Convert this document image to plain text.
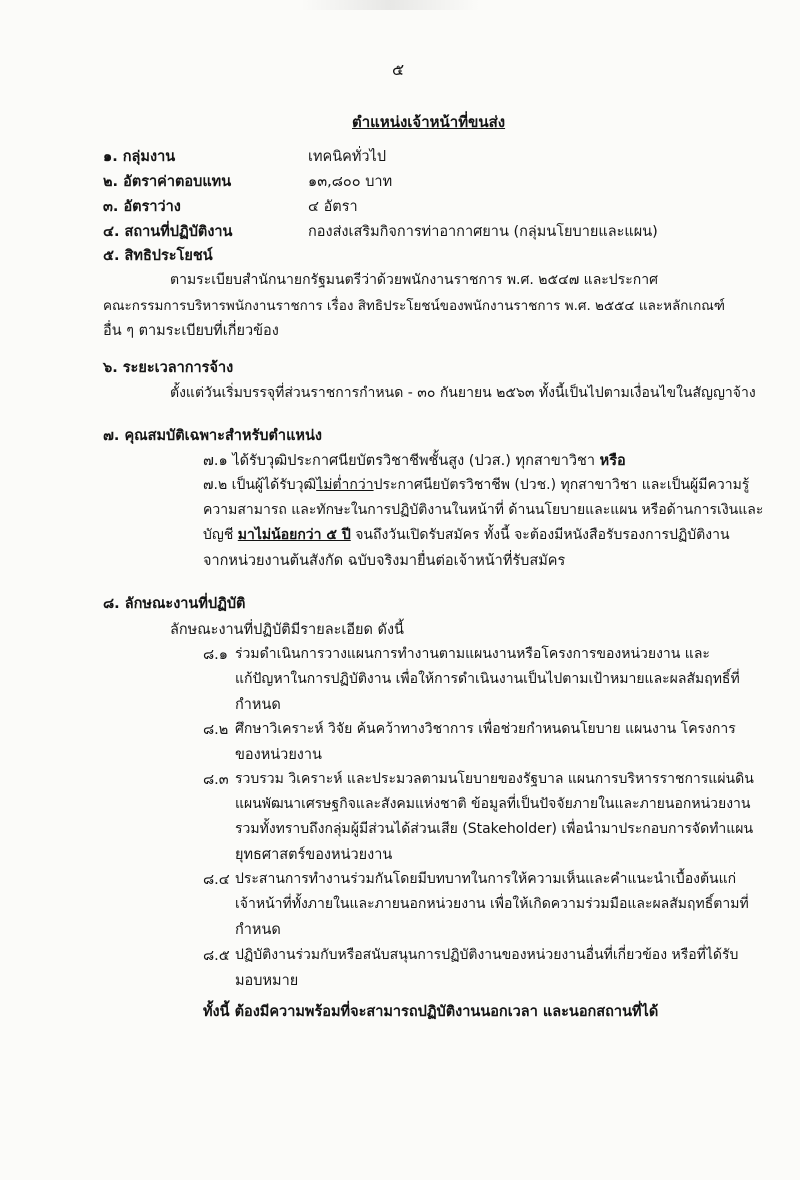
๕
ตำแหน่งเจ้าหน้าที่ขนส่ง
๑. กลุ่มงาน	เทคนิคทั่วไป
๒. อัตราค่าตอบแทน	๑๓,๘๐๐ บาท
๓. อัตราว่าง	๔ อัตรา
๔. สถานที่ปฏิบัติงาน	กองส่งเสริมกิจการท่าอากาศยาน (กลุ่มนโยบายและแผน)
๕. สิทธิประโยชน์
ตามระเบียบสำนักนายกรัฐมนตรีว่าด้วยพนักงานราชการ พ.ศ. ๒๕๔๗ และประกาศ
คณะกรรมการบริหารพนักงานราชการ เรื่อง สิทธิประโยชน์ของพนักงานราชการ พ.ศ. ๒๕๕๔ และหลักเกณฑ์
อื่น ๆ ตามระเบียบที่เกี่ยวข้อง
๖. ระยะเวลาการจ้าง
ตั้งแต่วันเริ่มบรรจุที่ส่วนราชการกำหนด - ๓๐ กันยายน ๒๕๖๓ ทั้งนี้เป็นไปตามเงื่อนไขในสัญญาจ้าง
๗. คุณสมบัติเฉพาะสำหรับตำแหน่ง
๗.๑ ได้รับวุฒิประกาศนียบัตรวิชาชีพชั้นสูง (ปวส.) ทุกสาขาวิชา หรือ
๗.๒ เป็นผู้ได้รับวุฒิไม่ต่ำกว่าประกาศนียบัตรวิชาชีพ (ปวช.) ทุกสาขาวิชา และเป็นผู้มีความรู้
ความสามารถ และทักษะในการปฏิบัติงานในหน้าที่ ด้านนโยบายและแผน หรือด้านการเงินและ
บัญชี มาไม่น้อยกว่า ๕ ปี จนถึงวันเปิดรับสมัคร ทั้งนี้ จะต้องมีหนังสือรับรองการปฏิบัติงาน
จากหน่วยงานต้นสังกัด ฉบับจริงมายื่นต่อเจ้าหน้าที่รับสมัคร
๘. ลักษณะงานที่ปฏิบัติ
ลักษณะงานที่ปฏิบัติมีรายละเอียด ดังนี้
๘.๑ ร่วมดำเนินการวางแผนการทำงานตามแผนงานหรือโครงการของหน่วยงาน และ
แก้ปัญหาในการปฏิบัติงาน เพื่อให้การดำเนินงานเป็นไปตามเป้าหมายและผลสัมฤทธิ์ที่
กำหนด
๘.๒ ศึกษาวิเคราะห์ วิจัย ค้นคว้าทางวิชาการ เพื่อช่วยกำหนดนโยบาย แผนงาน โครงการ
ของหน่วยงาน
๘.๓ รวบรวม วิเคราะห์ และประมวลตามนโยบายของรัฐบาล แผนการบริหารราชการแผ่นดิน
แผนพัฒนาเศรษฐกิจและสังคมแห่งชาติ ข้อมูลที่เป็นปัจจัยภายในและภายนอกหน่วยงาน
รวมทั้งทราบถึงกลุ่มผู้มีส่วนได้ส่วนเสีย (Stakeholder) เพื่อนำมาประกอบการจัดทำแผน
ยุทธศาสตร์ของหน่วยงาน
๘.๔ ประสานการทำงานร่วมกันโดยมีบทบาทในการให้ความเห็นและคำแนะนำเบื้องต้นแก่
เจ้าหน้าที่ทั้งภายในและภายนอกหน่วยงาน เพื่อให้เกิดความร่วมมือและผลสัมฤทธิ์ตามที่
กำหนด
๘.๕ ปฏิบัติงานร่วมกับหรือสนับสนุนการปฏิบัติงานของหน่วยงานอื่นที่เกี่ยวข้อง หรือที่ได้รับ
มอบหมาย
ทั้งนี้ ต้องมีความพร้อมที่จะสามารถปฏิบัติงานนอกเวลา และนอกสถานที่ได้
